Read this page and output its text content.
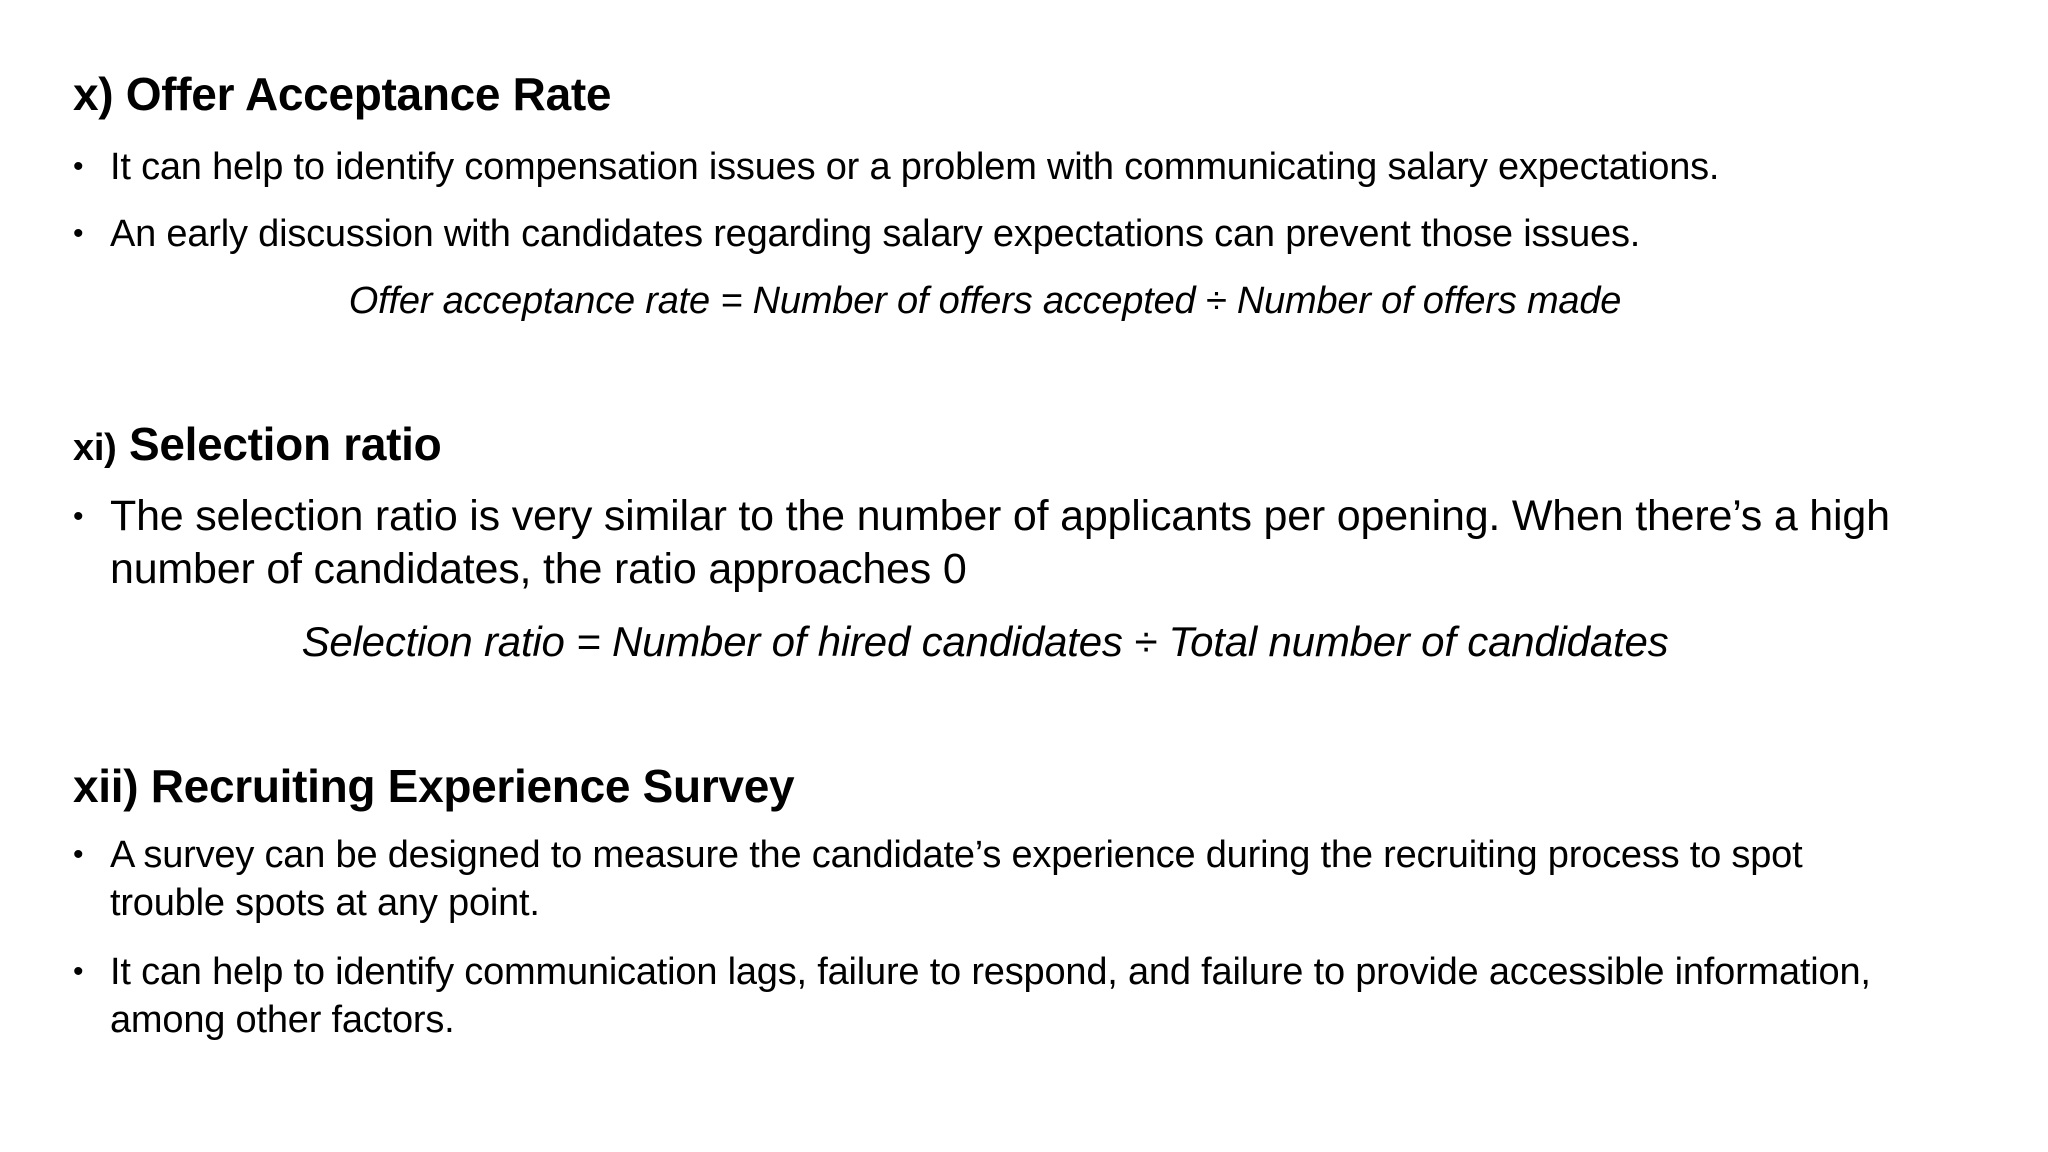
x) Offer Acceptance Rate
• It can help to identify compensation issues or a problem with communicating salary expectations.
• An early discussion with candidates regarding salary expectations can prevent those issues.
Offer acceptance rate = Number of offers accepted ÷ Number of offers made
xi) Selection ratio
• The selection ratio is very similar to the number of applicants per opening. When there’s a high number of candidates, the ratio approaches 0
Selection ratio = Number of hired candidates ÷ Total number of candidates
xii) Recruiting Experience Survey
• A survey can be designed to measure the candidate’s experience during the recruiting process to spot trouble spots at any point.
• It can help to identify communication lags, failure to respond, and failure to provide accessible information, among other factors.
